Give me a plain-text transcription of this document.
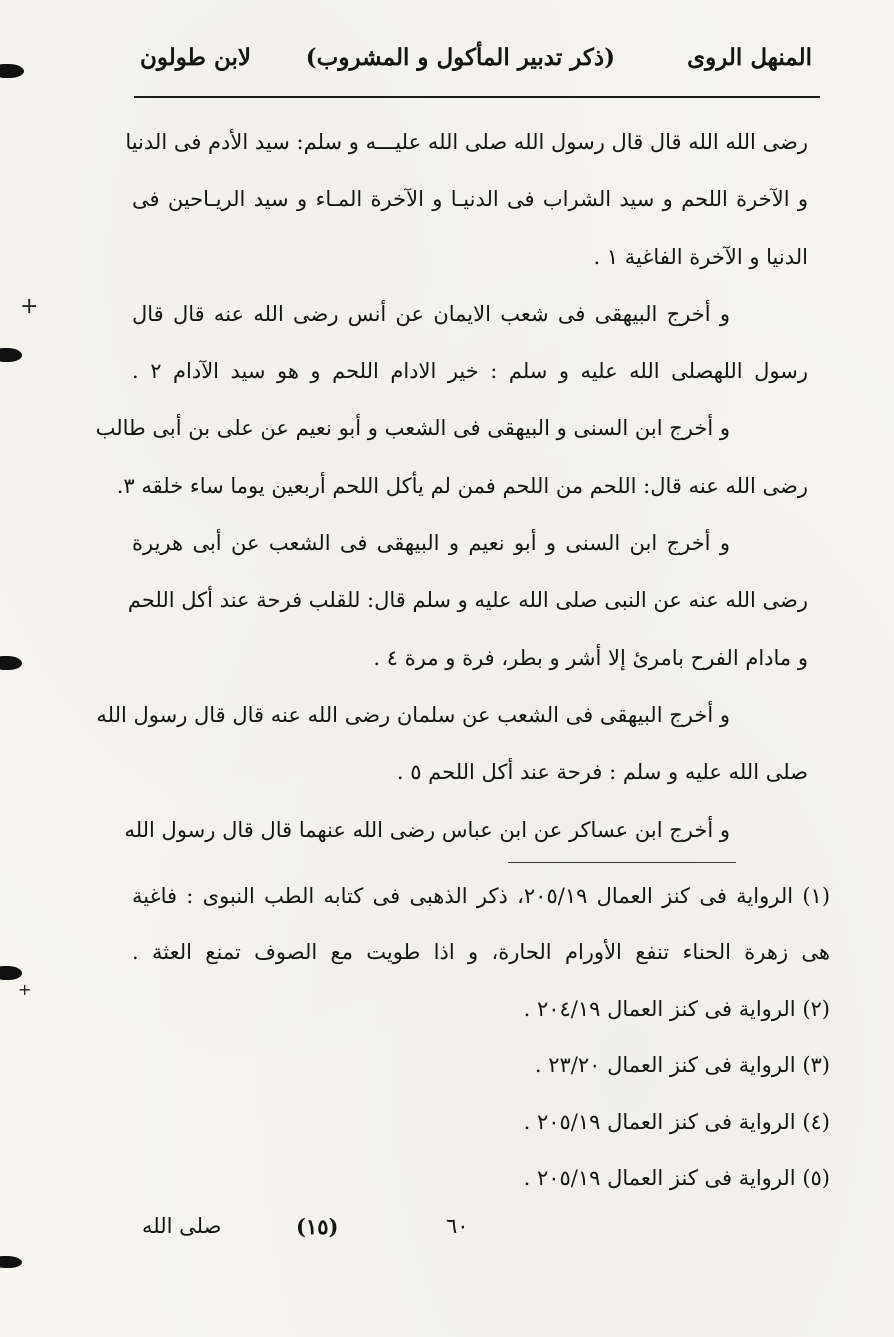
+
+
المنهل الروى
(ذكر تدبير المأكول و المشروب)
لابن طولون
رضى الله الله قال قال رسول الله صلى الله عليـــه و سلم: سيد الأدم فى الدنيا
و الآخرة اللحم و سيد الشراب فى الدنيـا و الآخرة المـاء و سيد الريـاحين فى
الدنيا و الآخرة الفاغية ١ .
و أخرج البيهقى فى شعب الايمان عن أنس رضى الله عنه قال قال
رسول اللهصلى الله عليه و سلم : خير الادام اللحم و هو سيد الآدام ٢ .
و أخرج ابن السنى و البيهقى فى الشعب و أبو نعيم عن على بن أبى طالب
رضى الله عنه قال: اللحم من اللحم فمن لم يأكل اللحم أربعين يوما ساء خلقه ٣.
و أخرج ابن السنى و أبو نعيم و البيهقى فى الشعب عن أبى هريرة
رضى الله عنه عن النبى صلى الله عليه و سلم قال: للقلب فرحة عند أكل اللحم
و مادام الفرح بامرئ إلا أشر و بطر، فرة و مرة ٤ .
و أخرج البيهقى فى الشعب عن سلمان رضى الله عنه قال قال رسول الله
صلى الله عليه و سلم : فرحة عند أكل اللحم ٥ .
و أخرج ابن عساكر عن ابن عباس رضى الله عنهما قال قال رسول الله
(١) الرواية فى كنز العمال ٢٠٥/١٩، ذكر الذهبى فى كتابه الطب النبوى : فاغية
هى زهرة الحناء تنفع الأورام الحارة، و اذا طويت مع الصوف تمنع العثة .
(٢) الرواية فى كنز العمال ٢٠٤/١٩ .
(٣) الرواية فى كنز العمال ٢٣/٢٠ .
(٤) الرواية فى كنز العمال ٢٠٥/١٩ .
(٥) الرواية فى كنز العمال ٢٠٥/١٩ .
صلى الله	(١٥)	٦٠
